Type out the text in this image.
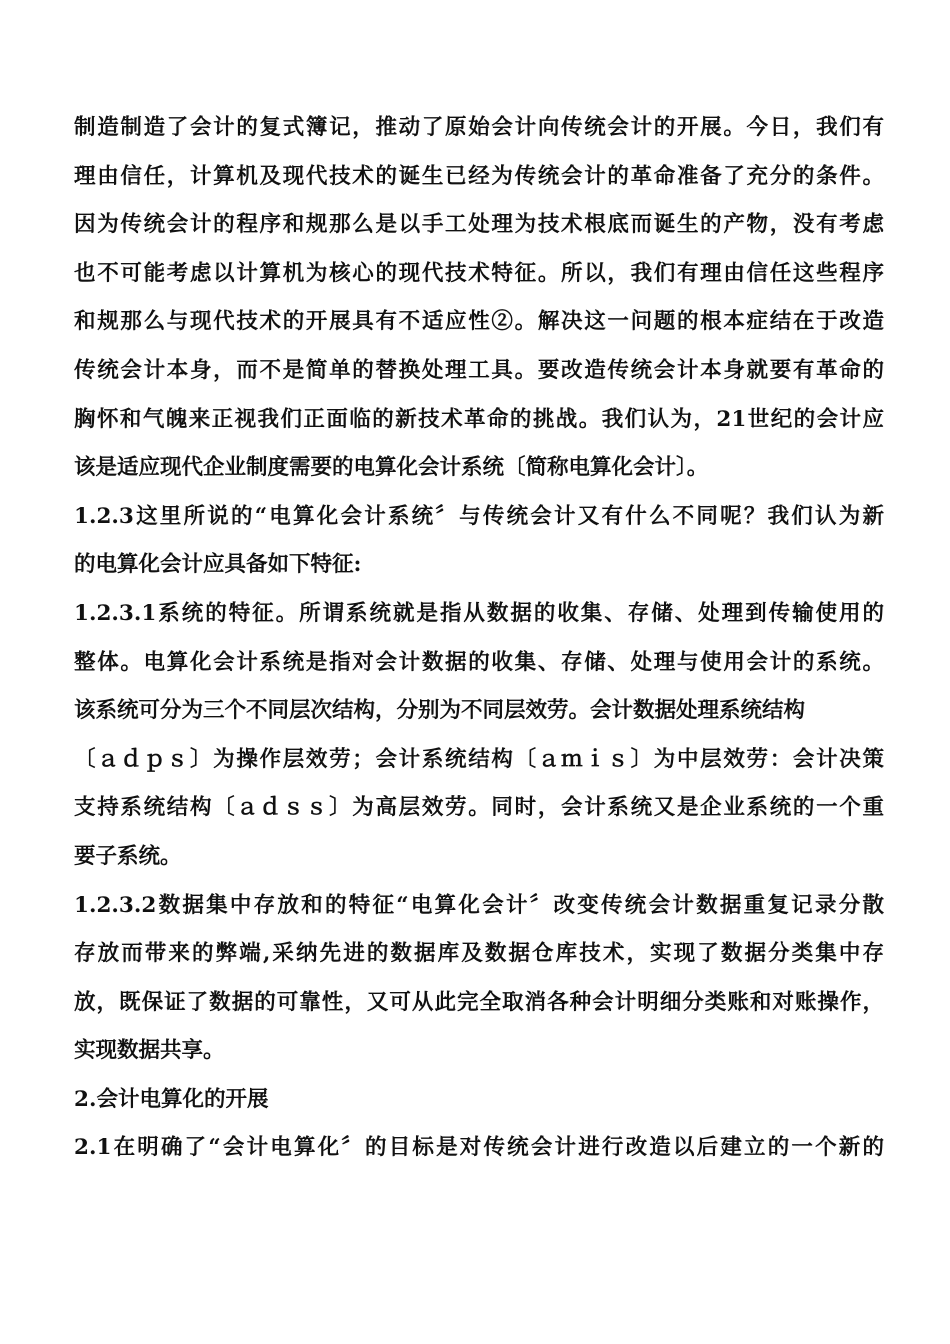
制造制造了会计的复式簿记，推动了原始会计向传统会计的开展。今日，我们有
理由信任，计算机及现代技术的诞生已经为传统会计的革命准备了充分的条件。
因为传统会计的程序和规那么是以手工处理为技术根底而诞生的产物，没有考虑
也不可能考虑以计算机为核心的现代技术特征。所以，我们有理由信任这些程序
和规那么与现代技术的开展具有不适应性②。解决这一问题的根本症结在于改造
传统会计本身，而不是简单的替换处理工具。要改造传统会计本身就要有革命的
胸怀和气魄来正视我们正面临的新技术革命的挑战。我们认为，21世纪的会计应
该是适应现代企业制度需要的电算化会计系统〔简称电算化会计〕。
1.2.3这里所说的“电算化会计系统〞与传统会计又有什么不同呢？我们认为新
的电算化会计应具备如下特征:
1.2.3.1系统的特征。所谓系统就是指从数据的收集、存储、处理到传输使用的
整体。电算化会计系统是指对会计数据的收集、存储、处理与使用会计的系统。
该系统可分为三个不同层次结构，分别为不同层效劳。会计数据处理系统结构
〔ａｄｐｓ〕为操作层效劳；会计系统结构〔ａｍｉｓ〕为中层效劳：会计决策
支持系统结构〔ａｄｓｓ〕为高层效劳。同时，会计系统又是企业系统的一个重
要子系统。
1.2.3.2数据集中存放和的特征“电算化会计〞改变传统会计数据重复记录分散
存放而带来的弊端,采纳先进的数据库及数据仓库技术，实现了数据分类集中存
放，既保证了数据的可靠性，又可从此完全取消各种会计明细分类账和对账操作，
实现数据共享。
2.会计电算化的开展
2.1在明确了“会计电算化〞的目标是对传统会计进行改造以后建立的一个新的
